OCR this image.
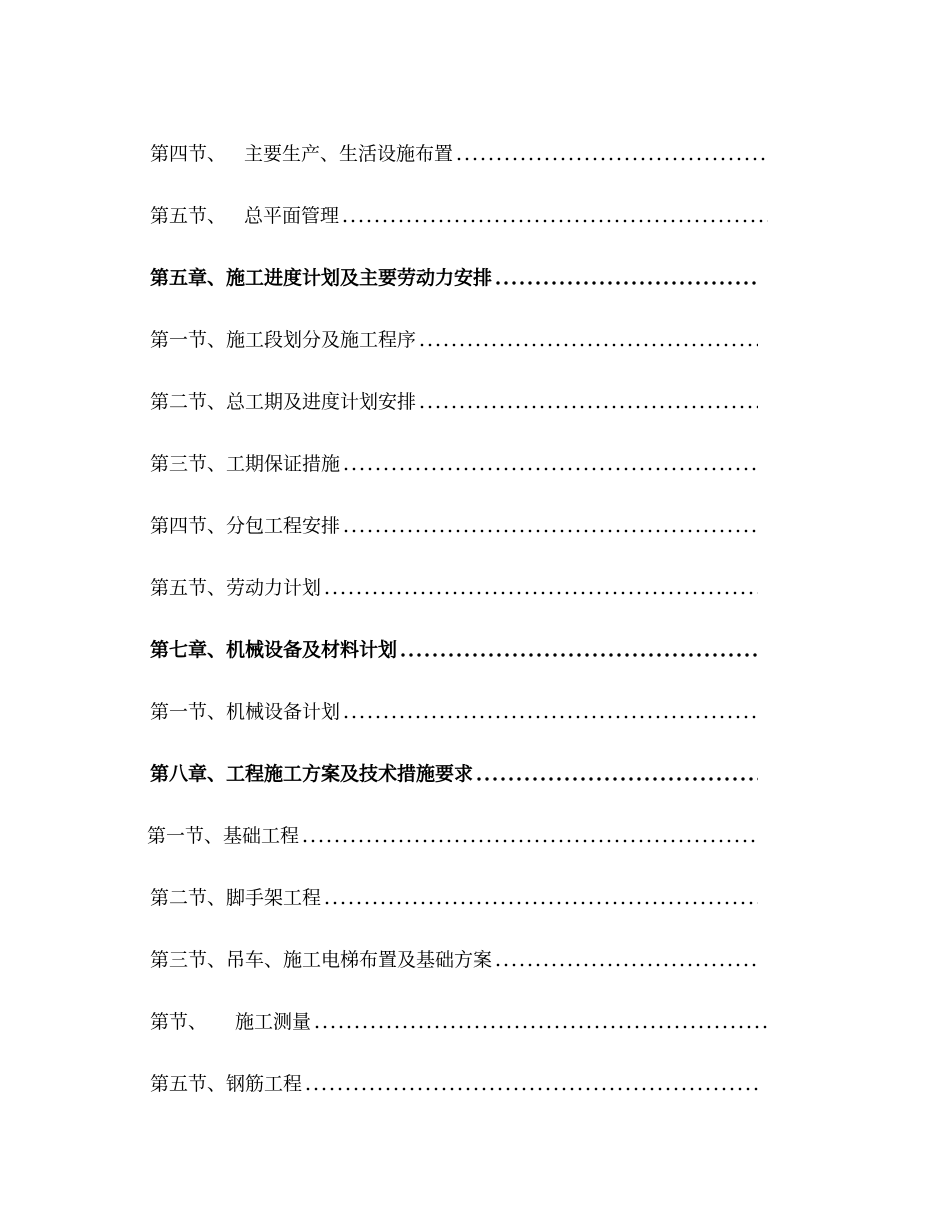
第四节、 主要生产、生活设施布置
第五节、 总平面管理
第五章、 施工进度计划及主要劳动力安排
第一节、 施工段划分及施工程序
第二节、 总工期及进度计划安排
第三节、 工期保证措施
第四节、 分包工程安排
第五节、 劳动力计划
第七章、 机械设备及材料计划
第一节、 机械设备计划
第八章、 工程施工方案及技术措施要求
第一节、 基础工程
第二节、 脚手架工程
第三节、 吊车、施工电梯布置及基础方案
第节、 施工测量
第五节、 钢筋工程
